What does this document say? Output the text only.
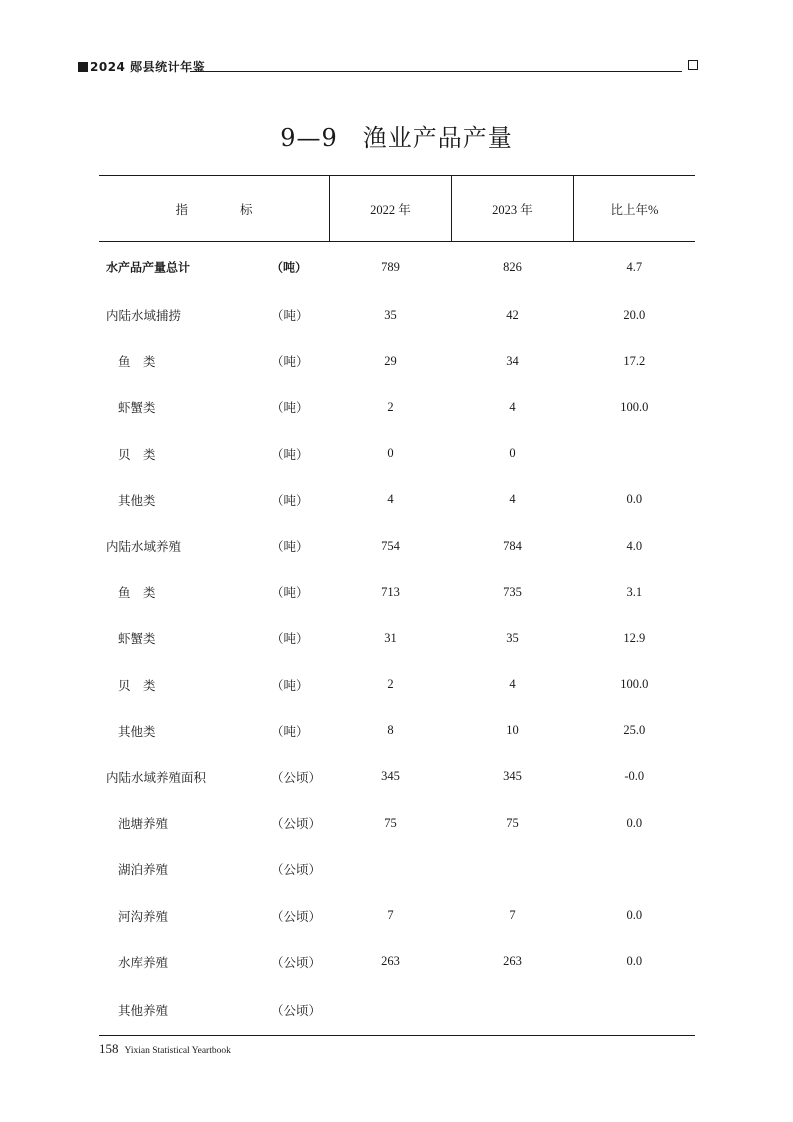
2024 郧县统计年鉴
9—9　渔业产品产量
指 标	2022 年	2023 年	比上年%

水产品产量总计 （吨）	789	826	4.7

内陆水域捕捞 （吨）	35	42	20.0

鱼　类 （吨）	29	34	17.2

虾蟹类 （吨）	2	4	100.0

贝　类 （吨）	0	0	

其他类 （吨）	4	4	0.0

内陆水域养殖 （吨）	754	784	4.0

鱼　类 （吨）	713	735	3.1

虾蟹类 （吨）	31	35	12.9

贝　类 （吨）	2	4	100.0

其他类 （吨）	8	10	25.0

内陆水域养殖面积 （公顷）	345	345	-0.0

池塘养殖 （公顷）	75	75	0.0

湖泊养殖 （公顷）			

河沟养殖 （公顷）	7	7	0.0

水库养殖 （公顷）	263	263	0.0

其他养殖 （公顷）			

158 Yixian Statistical Yeartbook
